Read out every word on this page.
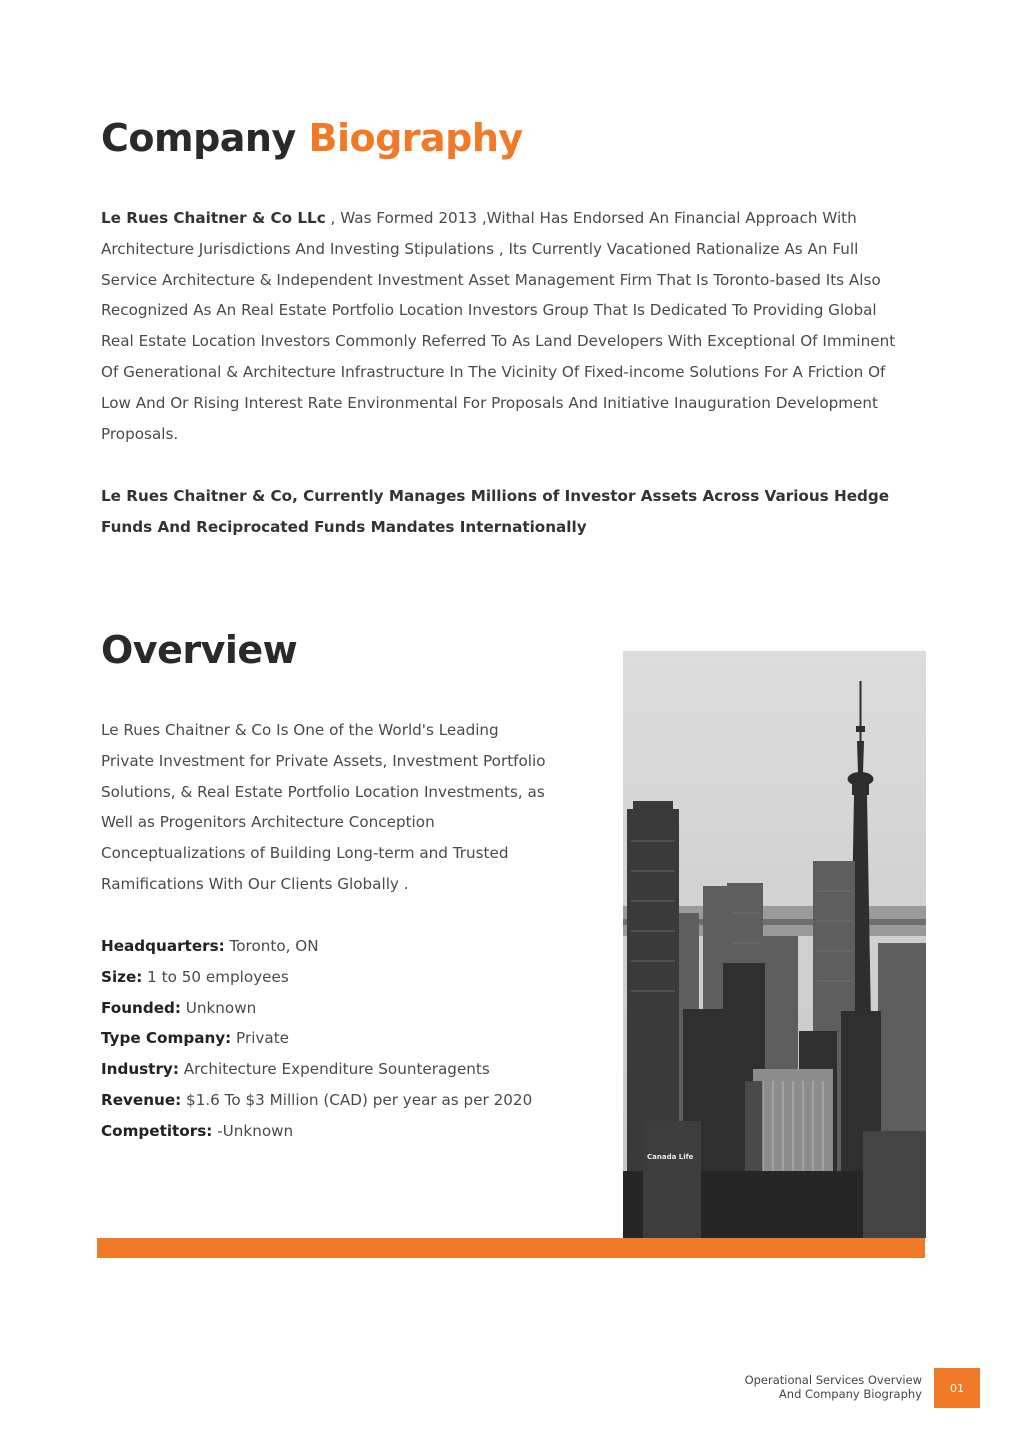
Company Biography

Le Rues Chaitner & Co LLc , Was Formed 2013 ,Withal Has Endorsed An Financial Approach With Architecture Jurisdictions And Investing Stipulations , Its Currently Vacationed Rationalize As An Full Service Architecture & Independent Investment Asset Management Firm That Is Toronto-based Its Also Recognized As An Real Estate Portfolio Location Investors Group That Is Dedicated To Providing Global Real Estate Location Investors Commonly Referred To As Land Developers With Exceptional Of Imminent Of Generational & Architecture Infrastructure In The Vicinity Of Fixed-income Solutions For A Friction Of Low And Or Rising Interest Rate Environmental For Proposals And Initiative Inauguration Development Proposals.

Le Rues Chaitner & Co, Currently Manages Millions of Investor Assets Across Various Hedge Funds And Reciprocated Funds Mandates Internationally

Overview

Le Rues Chaitner & Co Is One of the World's Leading Private Investment for Private Assets, Investment Portfolio Solutions, & Real Estate Portfolio Location Investments, as Well as Progenitors Architecture Conception Conceptualizations of Building Long-term and Trusted Ramifications With Our Clients Globally .

Headquarters: Toronto, ON
Size: 1 to 50 employees
Founded: Unknown
Type Company: Private
Industry: Architecture Expenditure Sounteragents
Revenue: $1.6 To $3 Million (CAD) per year as per 2020
Competitors: -Unknown
Canada Life
Operational Services Overview
And Company Biography	01
